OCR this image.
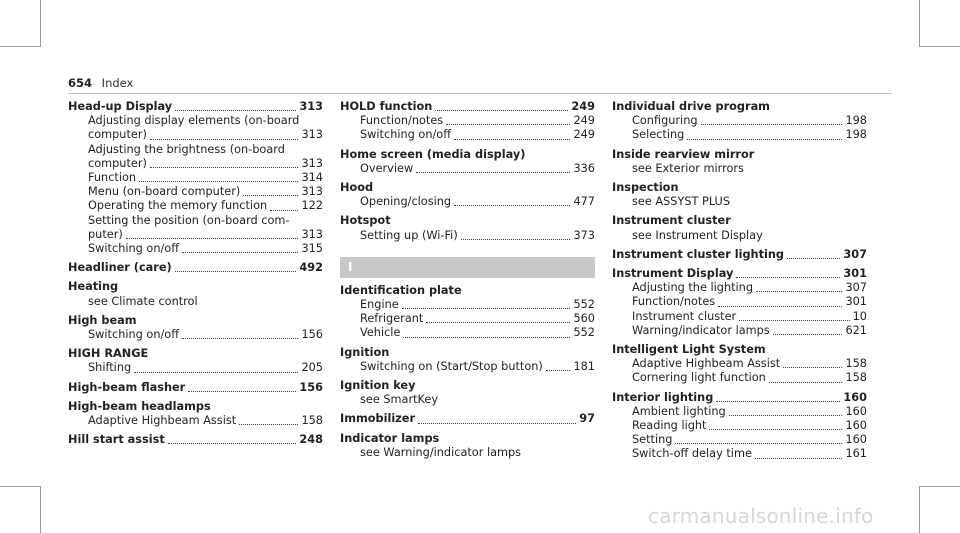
654 Index
Head-up Display	313
Adjusting display elements (on-board
computer)	313
Adjusting the brightness (on-board
computer)	313
Function	314
Menu (on-board computer)	313
Operating the memory function	122
Setting the position (on-board com-
puter)	313
Switching on/off	315
Headliner (care)	492
Heating
see Climate control
High beam
Switching on/off	156
HIGH RANGE
Shifting	205
High-beam flasher	156
High-beam headlamps
Adaptive Highbeam Assist	158
Hill start assist	248
HOLD function	249
Function/notes	249
Switching on/off	249
Home screen (media display)
Overview	336
Hood
Opening/closing	477
Hotspot
Setting up (Wi-Fi)	373
I
Identification plate
Engine	552
Refrigerant	560
Vehicle	552
Ignition
Switching on (Start/Stop button)	181
Ignition key
see SmartKey
Immobilizer	97
Indicator lamps
see Warning/indicator lamps
Individual drive program
Configuring	198
Selecting	198
Inside rearview mirror
see Exterior mirrors
Inspection
see ASSYST PLUS
Instrument cluster
see Instrument Display
Instrument cluster lighting	307
Instrument Display	301
Adjusting the lighting	307
Function/notes	301
Instrument cluster	10
Warning/indicator lamps	621
Intelligent Light System
Adaptive Highbeam Assist	158
Cornering light function	158
Interior lighting	160
Ambient lighting	160
Reading light	160
Setting	160
Switch-off delay time	161
carmanualsonline.info
